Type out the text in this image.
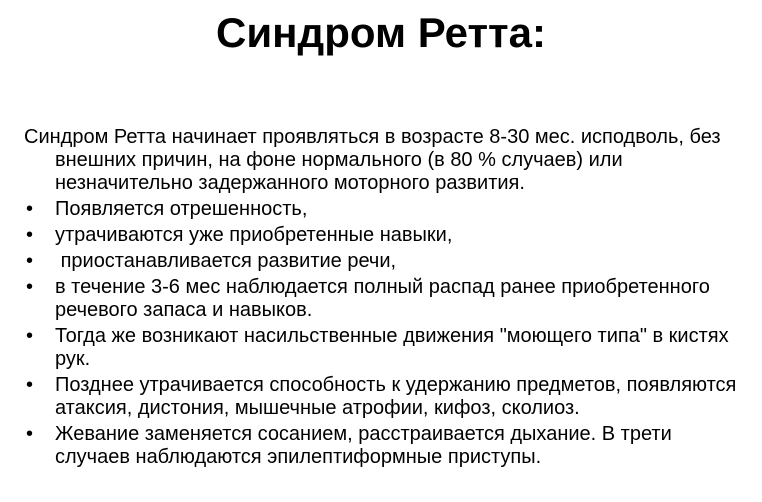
Синдром Ретта:

Синдром Ретта начинает проявляться в возрасте 8-30 мес. исподволь, без внешних причин, на фоне нормального (в 80 % случаев) или незначительно задержанного моторного развития.

• Появляется отрешенность,
• утрачиваются уже приобретенные навыки,
• приостанавливается развитие речи,
• в течение 3-6 мес наблюдается полный распад ранее приобретенного речевого запаса и навыков.
• Тогда же возникают насильственные движения "моющего типа" в кистях рук.
• Позднее утрачивается способность к удержанию предметов, появляются атаксия, дистония, мышечные атрофии, кифоз, сколиоз.
• Жевание заменяется сосанием, расстраивается дыхание. В трети случаев наблюдаются эпилептиформные приступы.
